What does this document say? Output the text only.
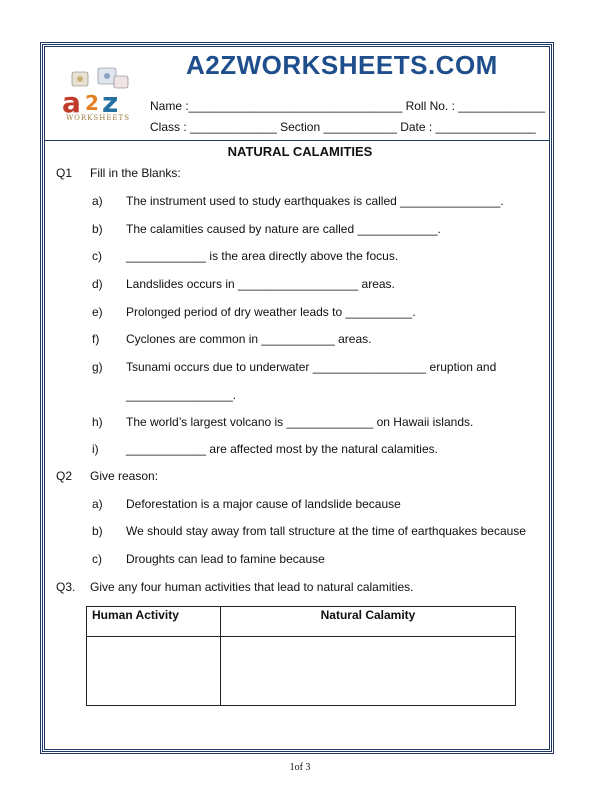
A2ZWORKSHEETS.COM
a 2 z
WORKSHEETS
Name :________________________________ Roll No. : _____________
Class : _____________ Section ___________ Date : _______________
NATURAL CALAMITIES
Q1 Fill in the Blanks:
a) The instrument used to study earthquakes is called _______________.
b) The calamities caused by nature are called ____________.
c) ____________ is the area directly above the focus.
d) Landslides occurs in __________________ areas.
e) Prolonged period of dry weather leads to __________.
f) Cyclones are common in ___________ areas.
g) Tsunami occurs due to underwater _________________ eruption and
________________.
h) The world’s largest volcano is _____________ on Hawaii islands.
i) ____________ are affected most by the natural calamities.
Q2 Give reason:
a) Deforestation is a major cause of landslide because
b) We should stay away from tall structure at the time of earthquakes because
c) Droughts can lead to famine because
Q3. Give any four human activities that lead to natural calamities.
Human Activity	Natural Calamity

1of 3
